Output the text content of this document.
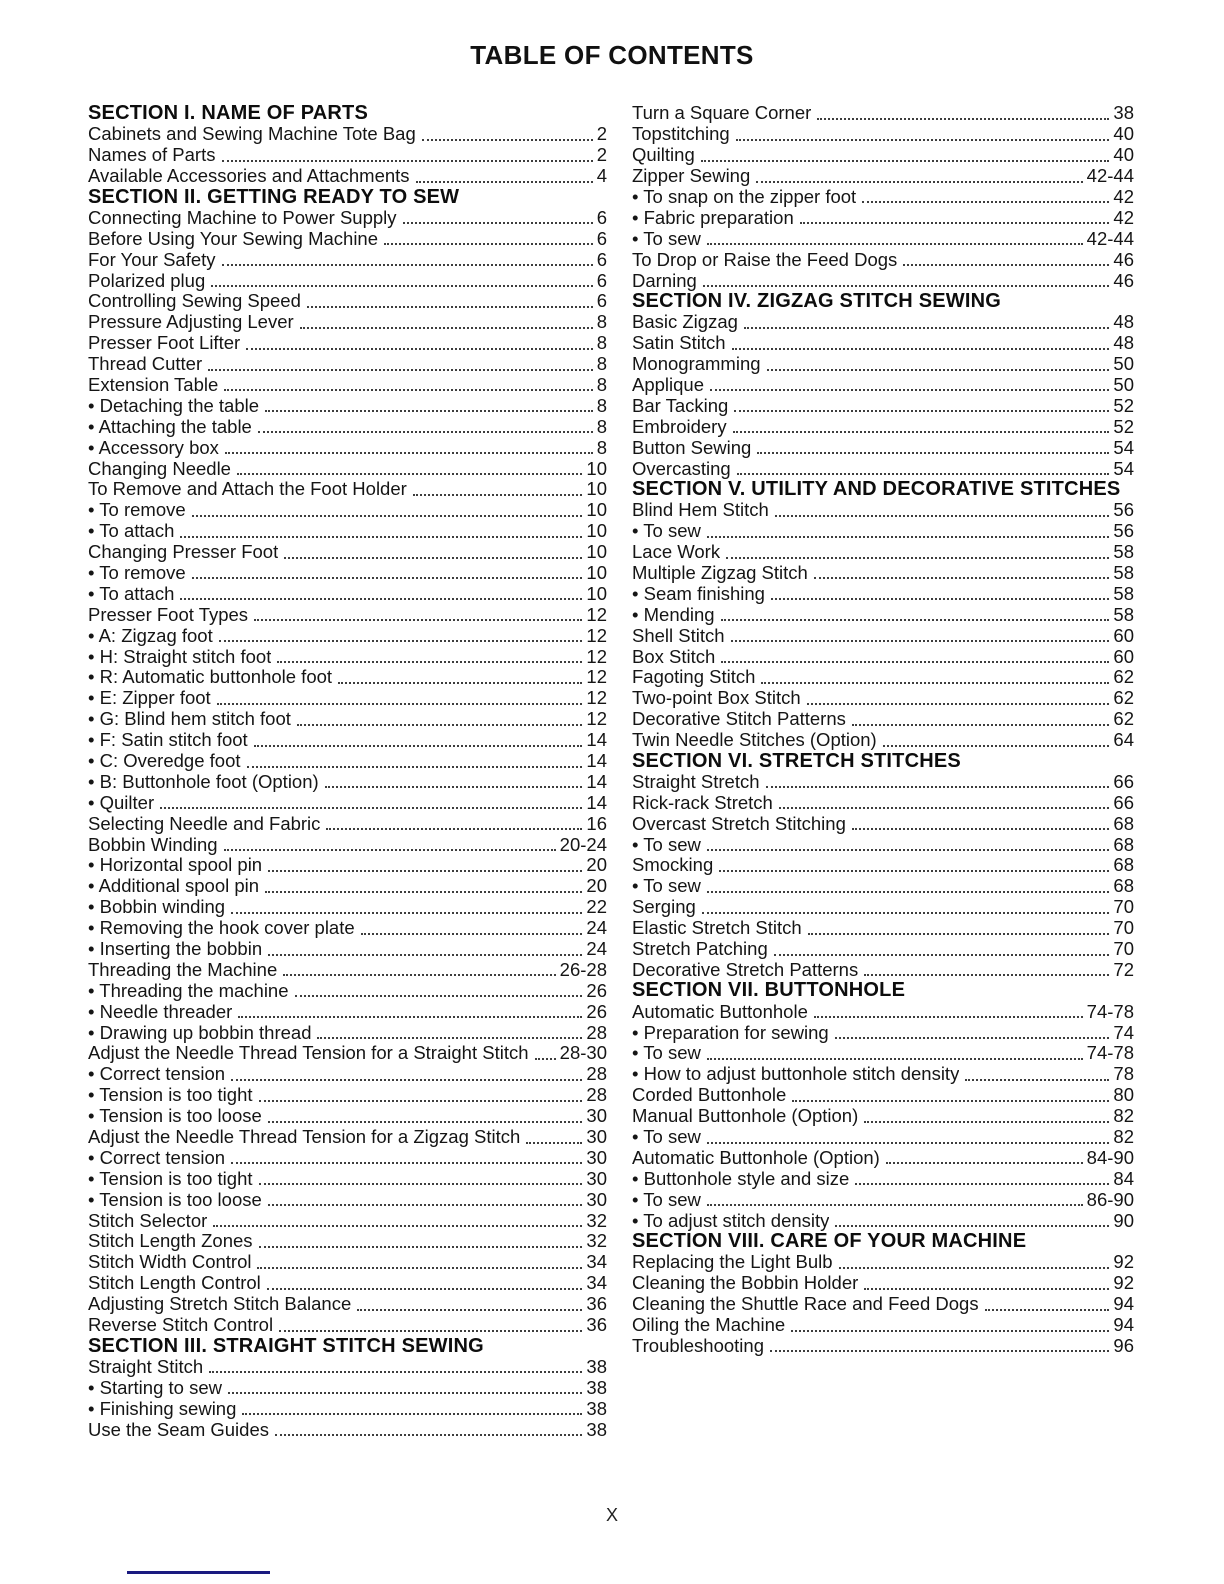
TABLE OF CONTENTS
SECTION I. NAME OF PARTS
Cabinets and Sewing Machine Tote Bag	2
Names of Parts	2
Available Accessories and Attachments	4
SECTION II. GETTING READY TO SEW
Connecting Machine to Power Supply	6
Before Using Your Sewing Machine	6
For Your Safety	6
Polarized plug	6
Controlling Sewing Speed	6
Pressure Adjusting Lever	8
Presser Foot Lifter	8
Thread Cutter	8
Extension Table	8
• Detaching the table	8
• Attaching the table	8
• Accessory box	8
Changing Needle	10
To Remove and Attach the Foot Holder	10
• To remove	10
• To attach	10
Changing Presser Foot	10
• To remove	10
• To attach	10
Presser Foot Types	12
• A: Zigzag foot	12
• H: Straight stitch foot	12
• R: Automatic buttonhole foot	12
• E: Zipper foot	12
• G: Blind hem stitch foot	12
• F: Satin stitch foot	14
• C: Overedge foot	14
• B: Buttonhole foot (Option)	14
• Quilter	14
Selecting Needle and Fabric	16
Bobbin Winding	20-24
• Horizontal spool pin	20
• Additional spool pin	20
• Bobbin winding	22
• Removing the hook cover plate	24
• Inserting the bobbin	24
Threading the Machine	26-28
• Threading the machine	26
• Needle threader	26
• Drawing up bobbin thread	28
Adjust the Needle Thread Tension for a Straight Stitch 28-30
• Correct tension	28
• Tension is too tight	28
• Tension is too loose	30
Adjust the Needle Thread Tension for a Zigzag Stitch	30
• Correct tension	30
• Tension is too tight	30
• Tension is too loose	30
Stitch Selector	32
Stitch Length Zones	32
Stitch Width Control	34
Stitch Length Control	34
Adjusting Stretch Stitch Balance	36
Reverse Stitch Control	36
SECTION III. STRAIGHT STITCH SEWING
Straight Stitch	38
• Starting to sew	38
• Finishing sewing	38
Use the Seam Guides	38
Turn a Square Corner	38
Topstitching	40
Quilting	40
Zipper Sewing	42-44
• To snap on the zipper foot	42
• Fabric preparation	42
• To sew	42-44
To Drop or Raise the Feed Dogs	46
Darning	46
SECTION IV. ZIGZAG STITCH SEWING
Basic Zigzag	48
Satin Stitch	48
Monogramming	50
Applique	50
Bar Tacking	52
Embroidery	52
Button Sewing	54
Overcasting	54
SECTION V. UTILITY AND DECORATIVE STITCHES
Blind Hem Stitch	56
• To sew	56
Lace Work	58
Multiple Zigzag Stitch	58
• Seam finishing	58
• Mending	58
Shell Stitch	60
Box Stitch	60
Fagoting Stitch	62
Two-point Box Stitch	62
Decorative Stitch Patterns	62
Twin Needle Stitches (Option)	64
SECTION VI. STRETCH STITCHES
Straight Stretch	66
Rick-rack Stretch	66
Overcast Stretch Stitching	68
• To sew	68
Smocking	68
• To sew	68
Serging	70
Elastic Stretch Stitch	70
Stretch Patching	70
Decorative Stretch Patterns	72
SECTION VII. BUTTONHOLE
Automatic Buttonhole	74-78
• Preparation for sewing	74
• To sew	74-78
• How to adjust buttonhole stitch density	78
Corded Buttonhole	80
Manual Buttonhole (Option)	82
• To sew	82
Automatic Buttonhole (Option)	84-90
• Buttonhole style and size	84
• To sew	86-90
• To adjust stitch density	90
SECTION VIII. CARE OF YOUR MACHINE
Replacing the Light Bulb	92
Cleaning the Bobbin Holder	92
Cleaning the Shuttle Race and Feed Dogs	94
Oiling the Machine	94
Troubleshooting	96
X
